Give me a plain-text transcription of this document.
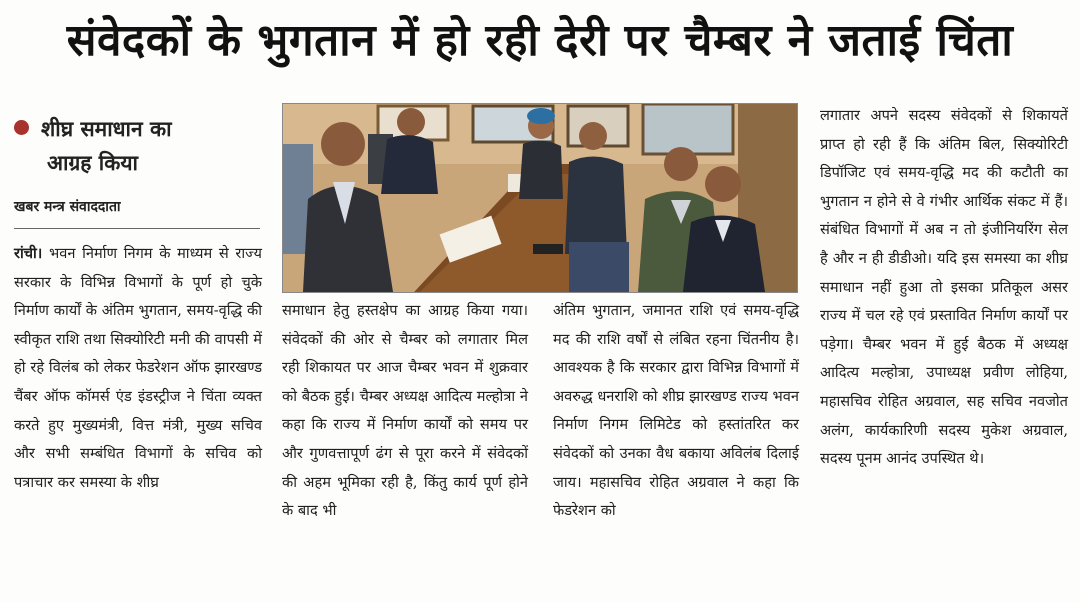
संवेदकों के भुगतान में हो रही देरी पर चैम्बर ने जताई चिंता
शीघ्र समाधान का
आग्रह किया
खबर मन्त्र संवाददाता
रांची। भवन निर्माण निगम के माध्यम से राज्य सरकार के विभिन्न विभागों के पूर्ण हो चुके निर्माण कार्यों के अंतिम भुगतान, समय-वृद्धि की स्वीकृत राशि तथा सिक्योरिटी मनी की वापसी में हो रहे विलंब को लेकर फेडरेशन ऑफ झारखण्ड चैंबर ऑफ कॉमर्स एंड इंडस्ट्रीज ने चिंता व्यक्त करते हुए मुख्यमंत्री, वित्त मंत्री, मुख्य सचिव और सभी सम्बंधित विभागों के सचिव को पत्राचार कर समस्या के शीघ्र
समाधान हेतु हस्तक्षेप का आग्रह किया गया। संवेदकों की ओर से चैम्बर को लगातार मिल रही शिकायत पर आज चैम्बर भवन में शुक्रवार को बैठक हुई। चैम्बर अध्यक्ष आदित्य मल्होत्रा ने कहा कि राज्य में निर्माण कार्यों को समय पर और गुणवत्तापूर्ण ढंग से पूरा करने में संवेदकों की अहम भूमिका रही है, किंतु कार्य पूर्ण होने के बाद भी
अंतिम भुगतान, जमानत राशि एवं समय-वृद्धि मद की राशि वर्षों से लंबित रहना चिंतनीय है। आवश्यक है कि सरकार द्वारा विभिन्न विभागों में अवरुद्ध धनराशि को शीघ्र झारखण्ड राज्य भवन निर्माण निगम लिमिटेड को हस्तांतरित कर संवेदकों को उनका वैध बकाया अविलंब दिलाई जाय। महासचिव रोहित अग्रवाल ने कहा कि फेडरेशन को
लगातार अपने सदस्य संवेदकों से शिकायतें प्राप्त हो रही हैं कि अंतिम बिल, सिक्योरिटी डिपॉजिट एवं समय-वृद्धि मद की कटौती का भुगतान न होने से वे गंभीर आर्थिक संकट में हैं। संबंधित विभागों में अब न तो इंजीनियरिंग सेल है और न ही डीडीओ। यदि इस समस्या का शीघ्र समाधान नहीं हुआ तो इसका प्रतिकूल असर राज्य में चल रहे एवं प्रस्तावित निर्माण कार्यों पर पड़ेगा। चैम्बर भवन में हुई बैठक में अध्यक्ष आदित्य मल्होत्रा, उपाध्यक्ष प्रवीण लोहिया, महासचिव रोहित अग्रवाल, सह सचिव नवजोत अलंग, कार्यकारिणी सदस्य मुकेश अग्रवाल, सदस्य पूनम आनंद उपस्थित थे।
